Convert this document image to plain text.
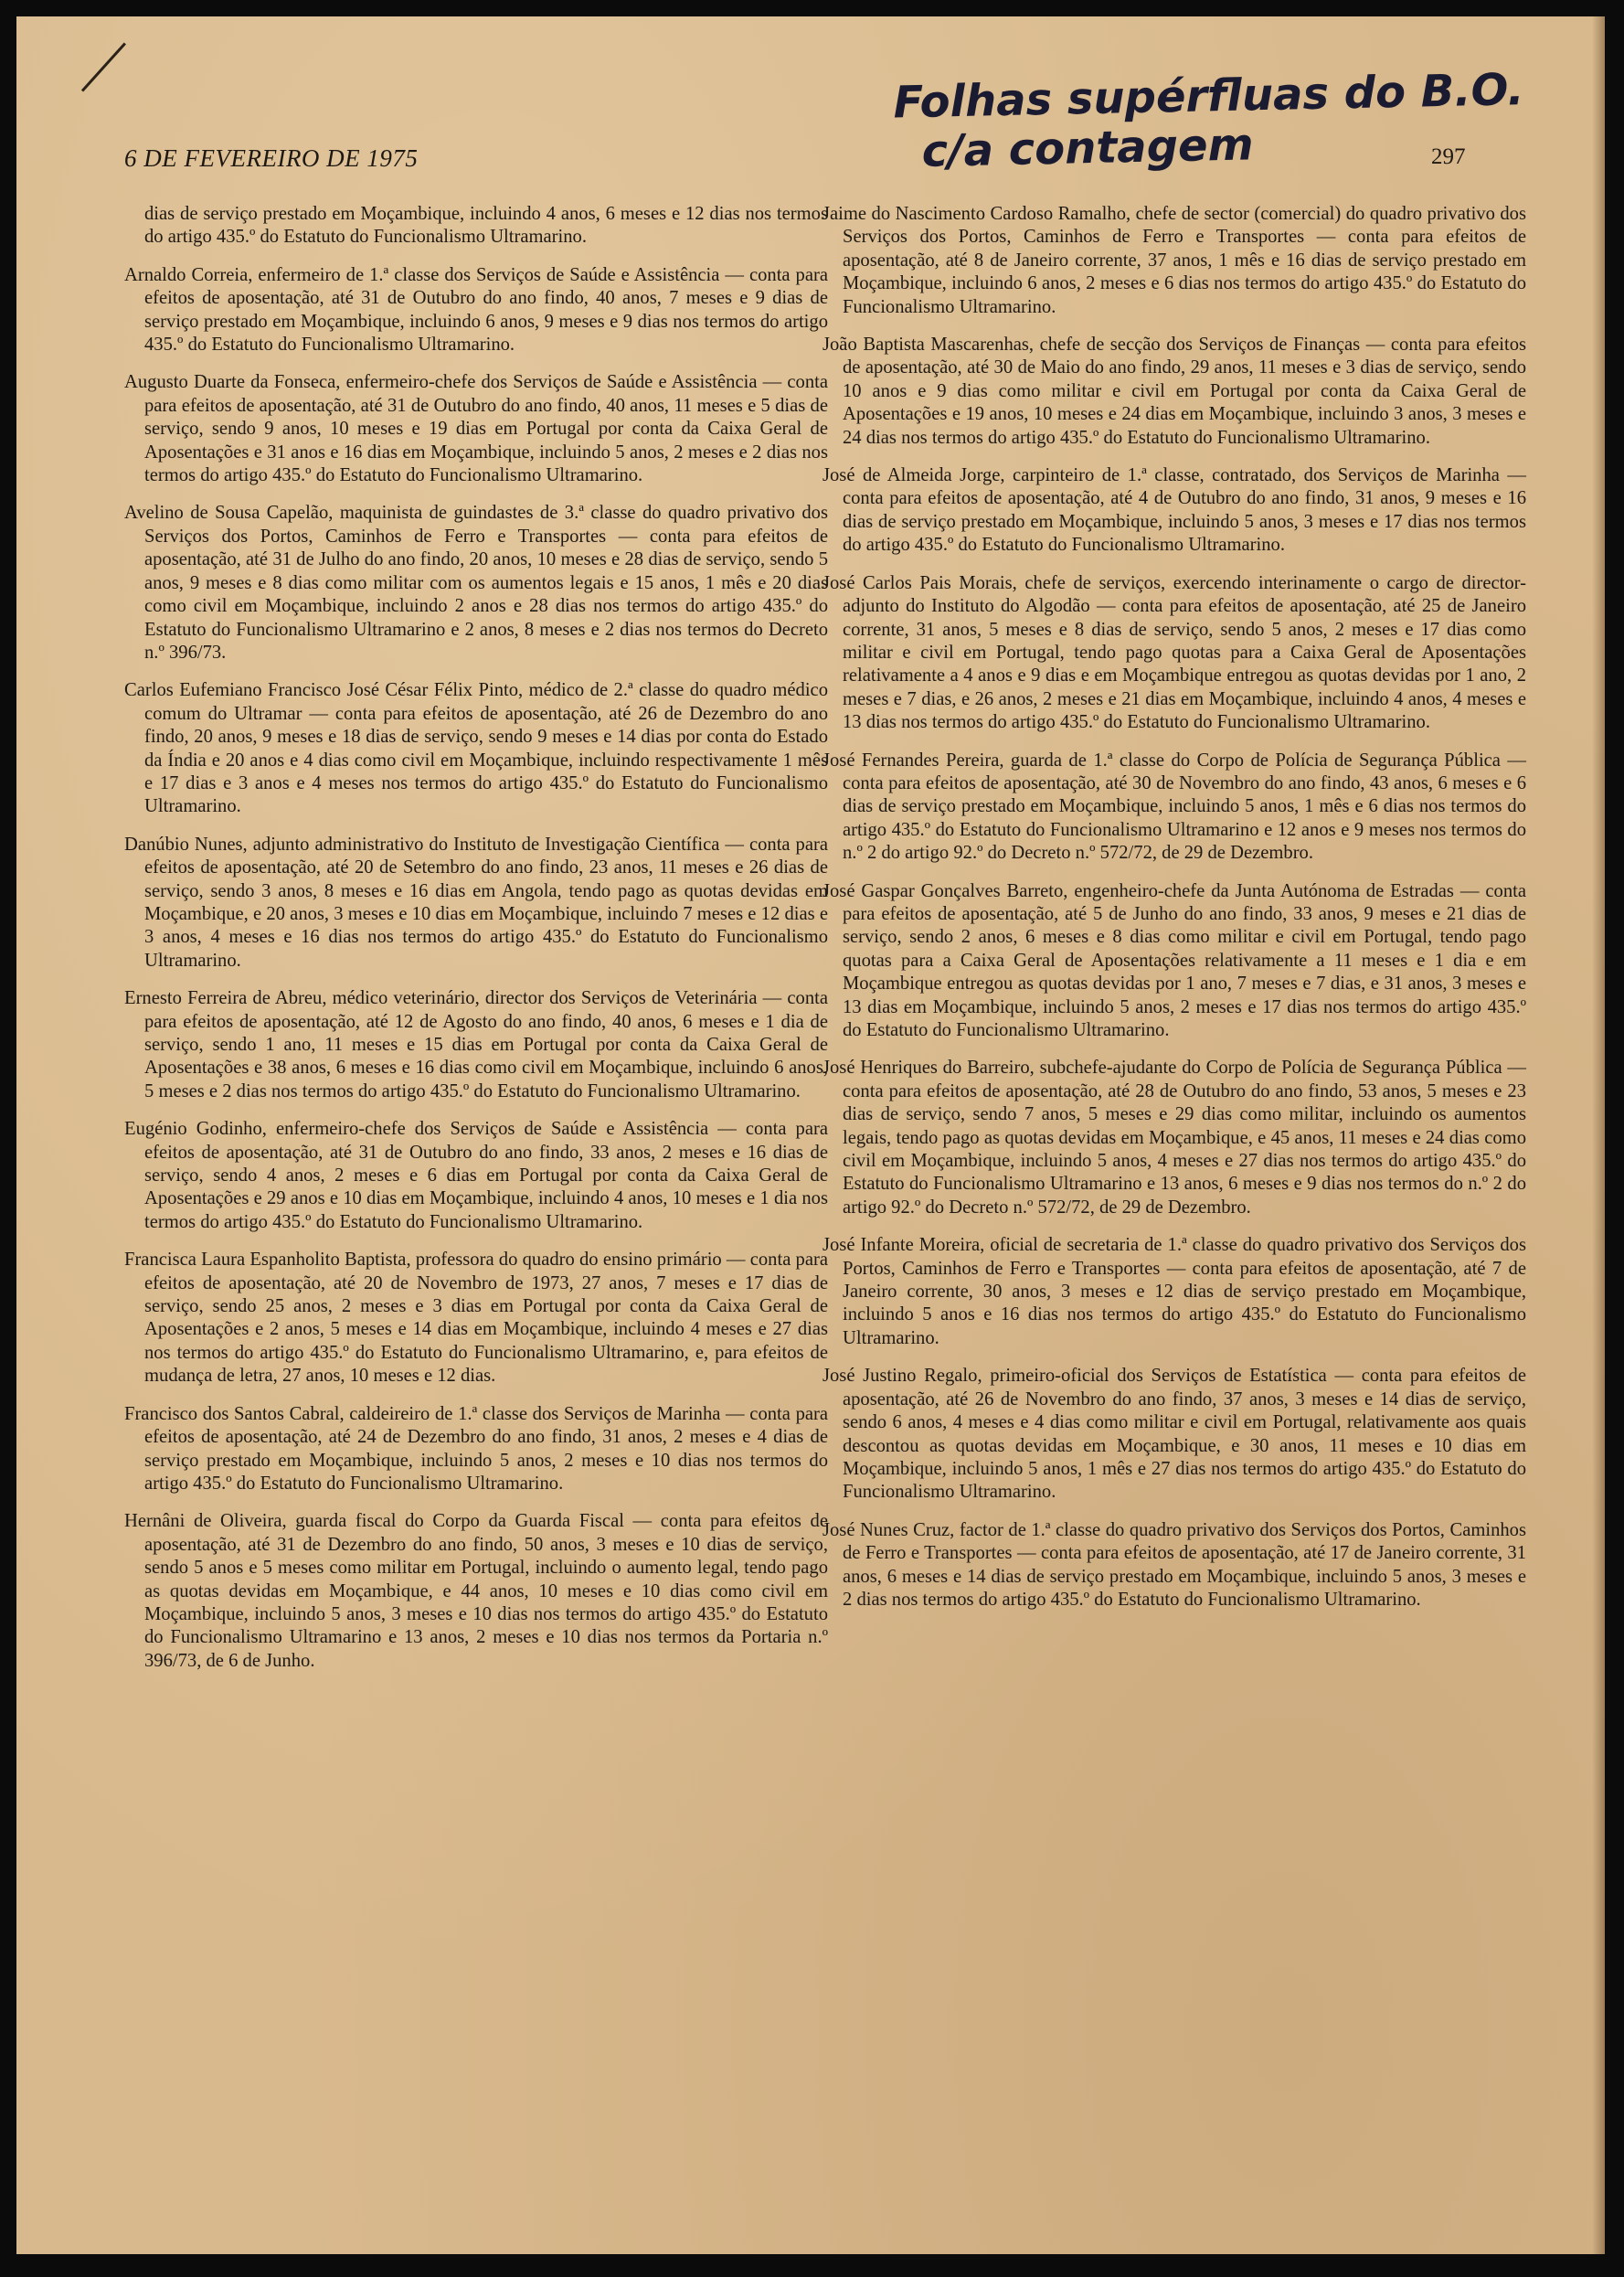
6 DE FEVEREIRO DE 1975	297
Folhas supérfluas do B.O.
c/a contagem

dias de serviço prestado em Moçambique, incluindo 4 anos, 6 meses e 12 dias nos termos do artigo 435.º do Estatuto do Funcionalismo Ultramarino.

Arnaldo Correia, enfermeiro de 1.ª classe dos Serviços de Saúde e Assistência — conta para efeitos de aposentação, até 31 de Outubro do ano findo, 40 anos, 7 meses e 9 dias de serviço prestado em Moçambique, incluindo 6 anos, 9 meses e 9 dias nos termos do artigo 435.º do Estatuto do Funcionalismo Ultramarino.

Augusto Duarte da Fonseca, enfermeiro-chefe dos Serviços de Saúde e Assistência — conta para efeitos de aposentação, até 31 de Outubro do ano findo, 40 anos, 11 meses e 5 dias de serviço, sendo 9 anos, 10 meses e 19 dias em Portugal por conta da Caixa Geral de Aposentações e 31 anos e 16 dias em Moçambique, incluindo 5 anos, 2 meses e 2 dias nos termos do artigo 435.º do Estatuto do Funcionalismo Ultramarino.

Avelino de Sousa Capelão, maquinista de guindastes de 3.ª classe do quadro privativo dos Serviços dos Portos, Caminhos de Ferro e Transportes — conta para efeitos de aposentação, até 31 de Julho do ano findo, 20 anos, 10 meses e 28 dias de serviço, sendo 5 anos, 9 meses e 8 dias como militar com os aumentos legais e 15 anos, 1 mês e 20 dias como civil em Moçambique, incluindo 2 anos e 28 dias nos termos do artigo 435.º do Estatuto do Funcionalismo Ultramarino e 2 anos, 8 meses e 2 dias nos termos do Decreto n.º 396/73.

Carlos Eufemiano Francisco José César Félix Pinto, médico de 2.ª classe do quadro médico comum do Ultramar — conta para efeitos de aposentação, até 26 de Dezembro do ano findo, 20 anos, 9 meses e 18 dias de serviço, sendo 9 meses e 14 dias por conta do Estado da Índia e 20 anos e 4 dias como civil em Moçambique, incluindo respectivamente 1 mês e 17 dias e 3 anos e 4 meses nos termos do artigo 435.º do Estatuto do Funcionalismo Ultramarino.

Danúbio Nunes, adjunto administrativo do Instituto de Investigação Científica — conta para efeitos de aposentação, até 20 de Setembro do ano findo, 23 anos, 11 meses e 26 dias de serviço, sendo 3 anos, 8 meses e 16 dias em Angola, tendo pago as quotas devidas em Moçambique, e 20 anos, 3 meses e 10 dias em Moçambique, incluindo 7 meses e 12 dias e 3 anos, 4 meses e 16 dias nos termos do artigo 435.º do Estatuto do Funcionalismo Ultramarino.

Ernesto Ferreira de Abreu, médico veterinário, director dos Serviços de Veterinária — conta para efeitos de aposentação, até 12 de Agosto do ano findo, 40 anos, 6 meses e 1 dia de serviço, sendo 1 ano, 11 meses e 15 dias em Portugal por conta da Caixa Geral de Aposentações e 38 anos, 6 meses e 16 dias como civil em Moçambique, incluindo 6 anos, 5 meses e 2 dias nos termos do artigo 435.º do Estatuto do Funcionalismo Ultramarino.

Eugénio Godinho, enfermeiro-chefe dos Serviços de Saúde e Assistência — conta para efeitos de aposentação, até 31 de Outubro do ano findo, 33 anos, 2 meses e 16 dias de serviço, sendo 4 anos, 2 meses e 6 dias em Portugal por conta da Caixa Geral de Aposentações e 29 anos e 10 dias em Moçambique, incluindo 4 anos, 10 meses e 1 dia nos termos do artigo 435.º do Estatuto do Funcionalismo Ultramarino.

Francisca Laura Espanholito Baptista, professora do quadro do ensino primário — conta para efeitos de aposentação, até 20 de Novembro de 1973, 27 anos, 7 meses e 17 dias de serviço, sendo 25 anos, 2 meses e 3 dias em Portugal por conta da Caixa Geral de Aposentações e 2 anos, 5 meses e 14 dias em Moçambique, incluindo 4 meses e 27 dias nos termos do artigo 435.º do Estatuto do Funcionalismo Ultramarino, e, para efeitos de mudança de letra, 27 anos, 10 meses e 12 dias.

Francisco dos Santos Cabral, caldeireiro de 1.ª classe dos Serviços de Marinha — conta para efeitos de aposentação, até 24 de Dezembro do ano findo, 31 anos, 2 meses e 4 dias de serviço prestado em Moçambique, incluindo 5 anos, 2 meses e 10 dias nos termos do artigo 435.º do Estatuto do Funcionalismo Ultramarino.

Hernâni de Oliveira, guarda fiscal do Corpo da Guarda Fiscal — conta para efeitos de aposentação, até 31 de Dezembro do ano findo, 50 anos, 3 meses e 10 dias de serviço, sendo 5 anos e 5 meses como militar em Portugal, incluindo o aumento legal, tendo pago as quotas devidas em Moçambique, e 44 anos, 10 meses e 10 dias como civil em Moçambique, incluindo 5 anos, 3 meses e 10 dias nos termos do artigo 435.º do Estatuto do Funcionalismo Ultramarino e 13 anos, 2 meses e 10 dias nos termos da Portaria n.º 396/73, de 6 de Junho.

Jaime do Nascimento Cardoso Ramalho, chefe de sector (comercial) do quadro privativo dos Serviços dos Portos, Caminhos de Ferro e Transportes — conta para efeitos de aposentação, até 8 de Janeiro corrente, 37 anos, 1 mês e 16 dias de serviço prestado em Moçambique, incluindo 6 anos, 2 meses e 6 dias nos termos do artigo 435.º do Estatuto do Funcionalismo Ultramarino.

João Baptista Mascarenhas, chefe de secção dos Serviços de Finanças — conta para efeitos de aposentação, até 30 de Maio do ano findo, 29 anos, 11 meses e 3 dias de serviço, sendo 10 anos e 9 dias como militar e civil em Portugal por conta da Caixa Geral de Aposentações e 19 anos, 10 meses e 24 dias em Moçambique, incluindo 3 anos, 3 meses e 24 dias nos termos do artigo 435.º do Estatuto do Funcionalismo Ultramarino.

José de Almeida Jorge, carpinteiro de 1.ª classe, contratado, dos Serviços de Marinha — conta para efeitos de aposentação, até 4 de Outubro do ano findo, 31 anos, 9 meses e 16 dias de serviço prestado em Moçambique, incluindo 5 anos, 3 meses e 17 dias nos termos do artigo 435.º do Estatuto do Funcionalismo Ultramarino.

José Carlos Pais Morais, chefe de serviços, exercendo interinamente o cargo de director-adjunto do Instituto do Algodão — conta para efeitos de aposentação, até 25 de Janeiro corrente, 31 anos, 5 meses e 8 dias de serviço, sendo 5 anos, 2 meses e 17 dias como militar e civil em Portugal, tendo pago quotas para a Caixa Geral de Aposentações relativamente a 4 anos e 9 dias e em Moçambique entregou as quotas devidas por 1 ano, 2 meses e 7 dias, e 26 anos, 2 meses e 21 dias em Moçambique, incluindo 4 anos, 4 meses e 13 dias nos termos do artigo 435.º do Estatuto do Funcionalismo Ultramarino.

José Fernandes Pereira, guarda de 1.ª classe do Corpo de Polícia de Segurança Pública — conta para efeitos de aposentação, até 30 de Novembro do ano findo, 43 anos, 6 meses e 6 dias de serviço prestado em Moçambique, incluindo 5 anos, 1 mês e 6 dias nos termos do artigo 435.º do Estatuto do Funcionalismo Ultramarino e 12 anos e 9 meses nos termos do n.º 2 do artigo 92.º do Decreto n.º 572/72, de 29 de Dezembro.

José Gaspar Gonçalves Barreto, engenheiro-chefe da Junta Autónoma de Estradas — conta para efeitos de aposentação, até 5 de Junho do ano findo, 33 anos, 9 meses e 21 dias de serviço, sendo 2 anos, 6 meses e 8 dias como militar e civil em Portugal, tendo pago quotas para a Caixa Geral de Aposentações relativamente a 11 meses e 1 dia e em Moçambique entregou as quotas devidas por 1 ano, 7 meses e 7 dias, e 31 anos, 3 meses e 13 dias em Moçambique, incluindo 5 anos, 2 meses e 17 dias nos termos do artigo 435.º do Estatuto do Funcionalismo Ultramarino.

José Henriques do Barreiro, subchefe-ajudante do Corpo de Polícia de Segurança Pública — conta para efeitos de aposentação, até 28 de Outubro do ano findo, 53 anos, 5 meses e 23 dias de serviço, sendo 7 anos, 5 meses e 29 dias como militar, incluindo os aumentos legais, tendo pago as quotas devidas em Moçambique, e 45 anos, 11 meses e 24 dias como civil em Moçambique, incluindo 5 anos, 4 meses e 27 dias nos termos do artigo 435.º do Estatuto do Funcionalismo Ultramarino e 13 anos, 6 meses e 9 dias nos termos do n.º 2 do artigo 92.º do Decreto n.º 572/72, de 29 de Dezembro.

José Infante Moreira, oficial de secretaria de 1.ª classe do quadro privativo dos Serviços dos Portos, Caminhos de Ferro e Transportes — conta para efeitos de aposentação, até 7 de Janeiro corrente, 30 anos, 3 meses e 12 dias de serviço prestado em Moçambique, incluindo 5 anos e 16 dias nos termos do artigo 435.º do Estatuto do Funcionalismo Ultramarino.

José Justino Regalo, primeiro-oficial dos Serviços de Estatística — conta para efeitos de aposentação, até 26 de Novembro do ano findo, 37 anos, 3 meses e 14 dias de serviço, sendo 6 anos, 4 meses e 4 dias como militar e civil em Portugal, relativamente aos quais descontou as quotas devidas em Moçambique, e 30 anos, 11 meses e 10 dias em Moçambique, incluindo 5 anos, 1 mês e 27 dias nos termos do artigo 435.º do Estatuto do Funcionalismo Ultramarino.

José Nunes Cruz, factor de 1.ª classe do quadro privativo dos Serviços dos Portos, Caminhos de Ferro e Transportes — conta para efeitos de aposentação, até 17 de Janeiro corrente, 31 anos, 6 meses e 14 dias de serviço prestado em Moçambique, incluindo 5 anos, 3 meses e 2 dias nos termos do artigo 435.º do Estatuto do Funcionalismo Ultramarino.
